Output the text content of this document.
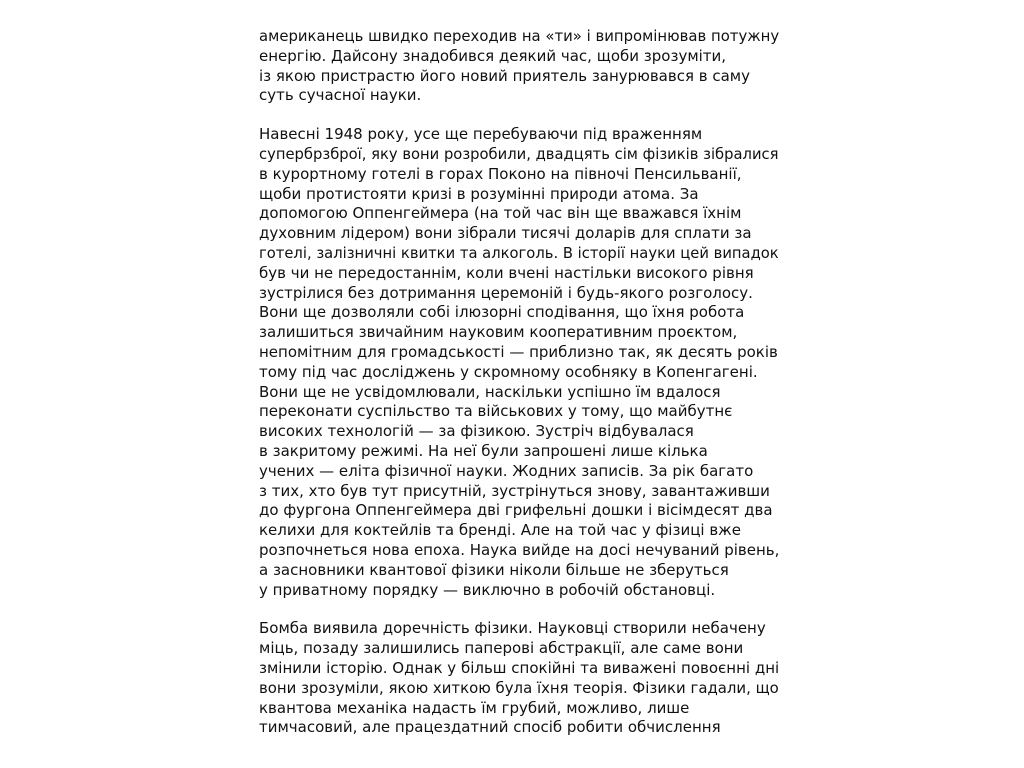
американець швидко переходив на «ти» і випромінював потужну
енергію. Дайсону знадобився деякий час, щоби зрозуміти,
із якою пристрастю його новий приятель занурювався в саму
суть сучасної науки.
Навесні 1948 року, усе ще перебуваючи під враженням
супербрзброї, яку вони розробили, двадцять сім фізиків зібралися
в курортному готелі в горах Поконо на півночі Пенсильванії,
щоби протистояти кризі в розумінні природи атома. За
допомогою Оппенгеймера (на той час він ще вважався їхнім
духовним лідером) вони зібрали тисячі доларів для сплати за
готелі, залізничні квитки та алкоголь. В історії науки цей випадок
був чи не передостаннім, коли вчені настільки високого рівня
зустрілися без дотримання церемоній і будь-якого розголосу.
Вони ще дозволяли собі ілюзорні сподівання, що їхня робота
залишиться звичайним науковим кооперативним проєктом,
непомітним для громадськості — приблизно так, як десять років
тому під час досліджень у скромному особняку в Копенгагені.
Вони ще не усвідомлювали, наскільки успішно їм вдалося
переконати суспільство та військових у тому, що майбутнє
високих технологій — за фізикою. Зустріч відбувалася
в закритому режимі. На неї були запрошені лише кілька
учених — еліта фізичної науки. Жодних записів. За рік багато
з тих, хто був тут присутній, зустрінуться знову, завантаживши
до фургона Оппенгеймера дві грифельні дошки і вісімдесят два
келихи для коктейлів та бренді. Але на той час у фізиці вже
розпочнеться нова епоха. Наука вийде на досі нечуваний рівень,
а засновники квантової фізики ніколи більше не зберуться
у приватному порядку — виключно в робочій обстановці.
Бомба виявила доречність фізики. Науковці створили небачену
міць, позаду залишились паперові абстракції, але саме вони
змінили історію. Однак у більш спокійні та виважені повоєнні дні
вони зрозуміли, якою хиткою була їхня теорія. Фізики гадали, що
квантова механіка надасть їм грубий, можливо, лише
тимчасовий, але працездатний спосіб робити обчислення
